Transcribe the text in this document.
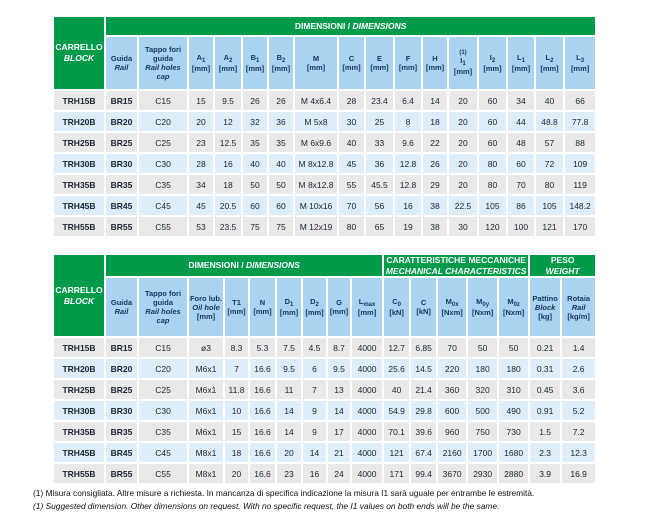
CARRELLO
BLOCK	DIMENSIONI / DIMENSIONS															

Guida
Rail

Tappo fori guida
Rail holes cap

$A_1$
[mm]

$A_2$
[mm]

$B_1$
[mm]

$B_2$
[mm]

M
[mm]

C
[mm]

E
[mm]

F
[mm]

H
[mm]

(1)
$I_1$
[mm]

$I_2$
[mm]

$L_1$
[mm]

$L_2$
[mm]

$L_3$
[mm]

TRH15B	BR15	C15	15	9.5	26	26	M 4x6.4	28	23.4	6.4	14	20	60	34	40	66
TRH20B	BR20	C20	20	12	32	36	M 5x8	30	25	8	18	20	60	44	48.8	77.8
TRH25B	BR25	C25	23	12.5	35	35	M 6x9.6	40	33	9.6	22	20	60	48	57	88
TRH30B	BR30	C30	28	16	40	40	M 8x12.8	45	36	12.8	26	20	80	60	72	109
TRH35B	BR35	C35	34	18	50	50	M 8x12.8	55	45.5	12.8	29	20	80	70	80	119
TRH45B	BR45	C45	45	20.5	60	60	M 10x16	70	56	16	38	22.5	105	86	105	148.2
TRH55B	BR55	C55	53	23.5	75	75	M 12x19	80	65	19	38	30	120	100	121	170
CARRELLO
BLOCK
	DIMENSIONI / DIMENSIONS	
CARATTERISTICHE MECCANICHE
MECHANICAL CHARACTERISTICS

PESO
WEIGHT

Guida
Rail

Tappo fori guida
Rail holes cap

Foro lub.
Oil hole
[mm]

T1
[mm]

N
[mm]

$D_1$
[mm]

$D_2$
[mm]

G
[mm]

$L_{max}$
[mm]

$C_0$
[kN]

C
[kN]

$M_{0x}$
[Nxm]

$M_{0y}$
[Nxm]

$M_{0z}$
[Nxm]

Pattino
Block
[kg]

Rotaia
Rail
[kg/m]

TRH15B	BR15	C15	ø3	8.3	5.3	7.5	4.5	8.7	4000	12.7	6.85	70	50	50	0.21	1.4
TRH20B	BR20	C20	M6x1	7	16.6	9.5	6	9.5	4000	25.6	14.5	220	180	180	0.31	2.6
TRH25B	BR25	C25	M6x1	11.8	16.6	11	7	13	4000	40	21.4	360	320	310	0.45	3.6
TRH30B	BR30	C30	M6x1	10	16.6	14	9	14	4000	54.9	29.8	600	500	490	0.91	5.2
TRH35B	BR35	C35	M6x1	15	16.6	14	9	17	4000	70.1	39.6	960	750	730	1.5	7.2
TRH45B	BR45	C45	M8x1	18	16.6	20	14	21	4000	121	67.4	2160	1700	1680	2.3	12.3
TRH55B	BR55	C55	M8x1	20	16.6	23	16	24	4000	171	99.4	3670	2930	2880	3.9	16.9
(1) Misura consigliata. Altre misure a richiesta. In mancanza di specifica indicazione la misura I1 sarà uguale per entrambe le estremità.
(1) Suggested dimension. Other dimensions on request. With no specific request, the I1 values on both ends will be the same.
